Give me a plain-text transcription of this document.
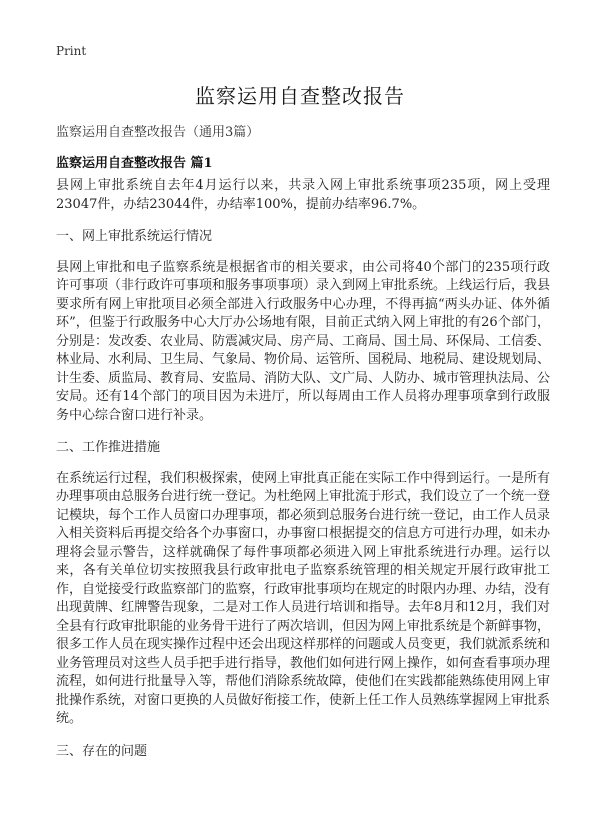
Print
监察运用自查整改报告
监察运用自查整改报告（通用3篇）
监察运用自查整改报告 篇1

县网上审批系统自去年4月运行以来，共录入网上审批系统事项235项，网上受理23047件，办结23044件，办结率100%，提前办结率96.7%。

一、网上审批系统运行情况

县网上审批和电子监察系统是根据省市的相关要求，由公司将40个部门的235项行政许可事项（非行政许可事项和服务事项事项）录入到网上审批系统。上线运行后，我县要求所有网上审批项目必须全部进入行政服务中心办理，不得再搞“两头办证、体外循环”，但鉴于行政服务中心大厅办公场地有限，目前正式纳入网上审批的有26个部门，分别是：发改委、农业局、防震减灾局、房产局、工商局、国土局、环保局、工信委、林业局、水利局、卫生局、气象局、物价局、运管所、国税局、地税局、建设规划局、计生委、质监局、教育局、安监局、消防大队、文广局、人防办、城市管理执法局、公安局。还有14个部门的项目因为未进厅，所以每周由工作人员将办理事项拿到行政服务中心综合窗口进行补录。

二、工作推进措施

在系统运行过程，我们积极探索，使网上审批真正能在实际工作中得到运行。一是所有办理事项由总服务台进行统一登记。为杜绝网上审批流于形式，我们设立了一个统一登记模块，每个工作人员窗口办理事项，都必须到总服务台进行统一登记，由工作人员录入相关资料后再提交给各个办事窗口，办事窗口根据提交的信息方可进行办理，如未办理将会显示警告，这样就确保了每件事项都必须进入网上审批系统进行办理。运行以来，各有关单位切实按照我县行政审批电子监察系统管理的相关规定开展行政审批工作，自觉接受行政监察部门的监察，行政审批事项均在规定的时限内办理、办结，没有出现黄牌、红牌警告现象，二是对工作人员进行培训和指导。去年8月和12月，我们对全县有行政审批职能的业务骨干进行了两次培训，但因为网上审批系统是个新鲜事物，很多工作人员在现实操作过程中还会出现这样那样的问题或人员变更，我们就派系统和业务管理员对这些人员手把手进行指导，教他们如何进行网上操作，如何查看事项办理流程，如何进行批量导入等，帮他们消除系统故障，使他们在实践都能熟练使用网上审批操作系统，对窗口更换的人员做好衔接工作，使新上任工作人员熟练掌握网上审批系统。

三、存在的问题
